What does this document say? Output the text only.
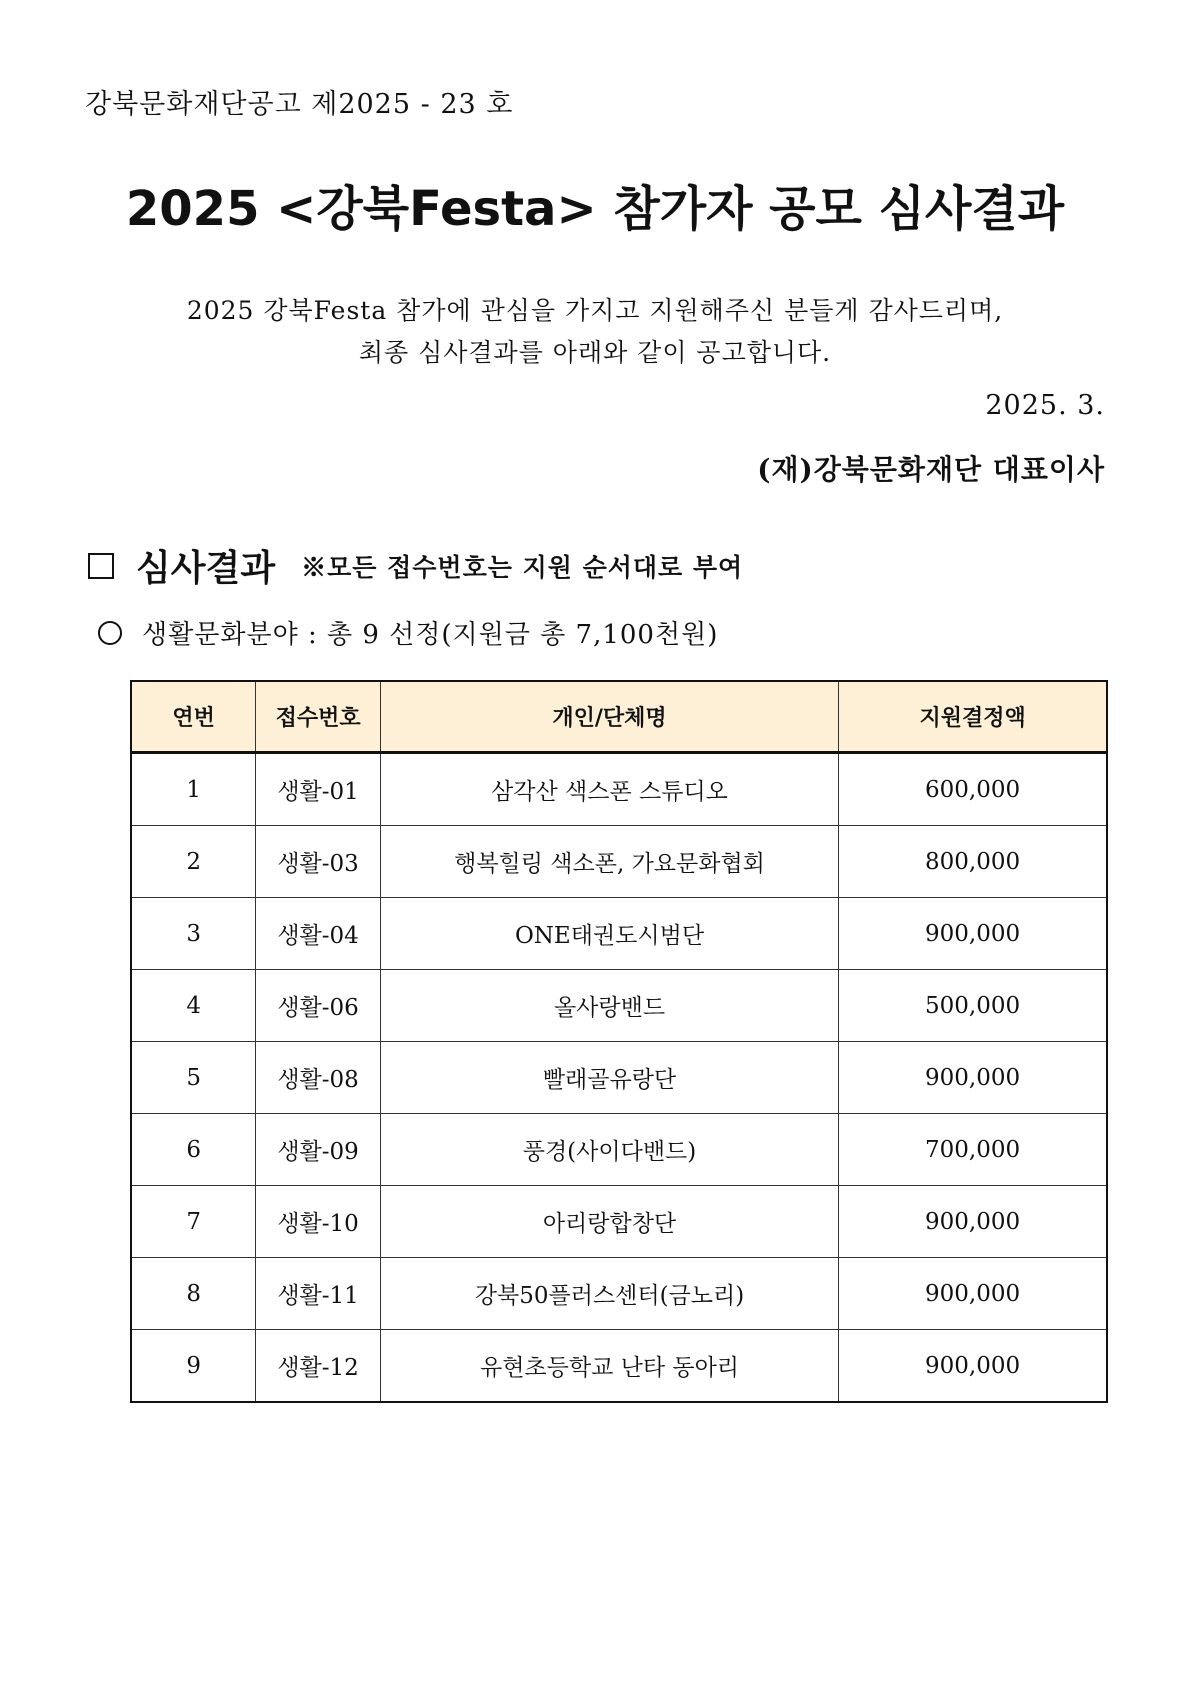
강북문화재단공고 제2025 - 23 호
2025 <강북Festa> 참가자 공모 심사결과
2025 강북Festa 참가에 관심을 가지고 지원해주신 분들게 감사드리며,
최종 심사결과를 아래와 같이 공고합니다.
2025. 3.
(재)강북문화재단 대표이사
심사결과 ※모든 접수번호는 지원 순서대로 부여
생활문화분야 : 총 9 선정(지원금 총 7,100천원)
연번	접수번호	개인/단체명	지원결정액
1	생활-01	삼각산 색스폰 스튜디오	600,000
2	생활-03	행복힐링 색소폰, 가요문화협회	800,000
3	생활-04	ONE태권도시범단	900,000
4	생활-06	올사랑밴드	500,000
5	생활-08	빨래골유랑단	900,000
6	생활-09	풍경(사이다밴드)	700,000
7	생활-10	아리랑합창단	900,000
8	생활-11	강북50플러스센터(금노리)	900,000
9	생활-12	유현초등학교 난타 동아리	900,000
